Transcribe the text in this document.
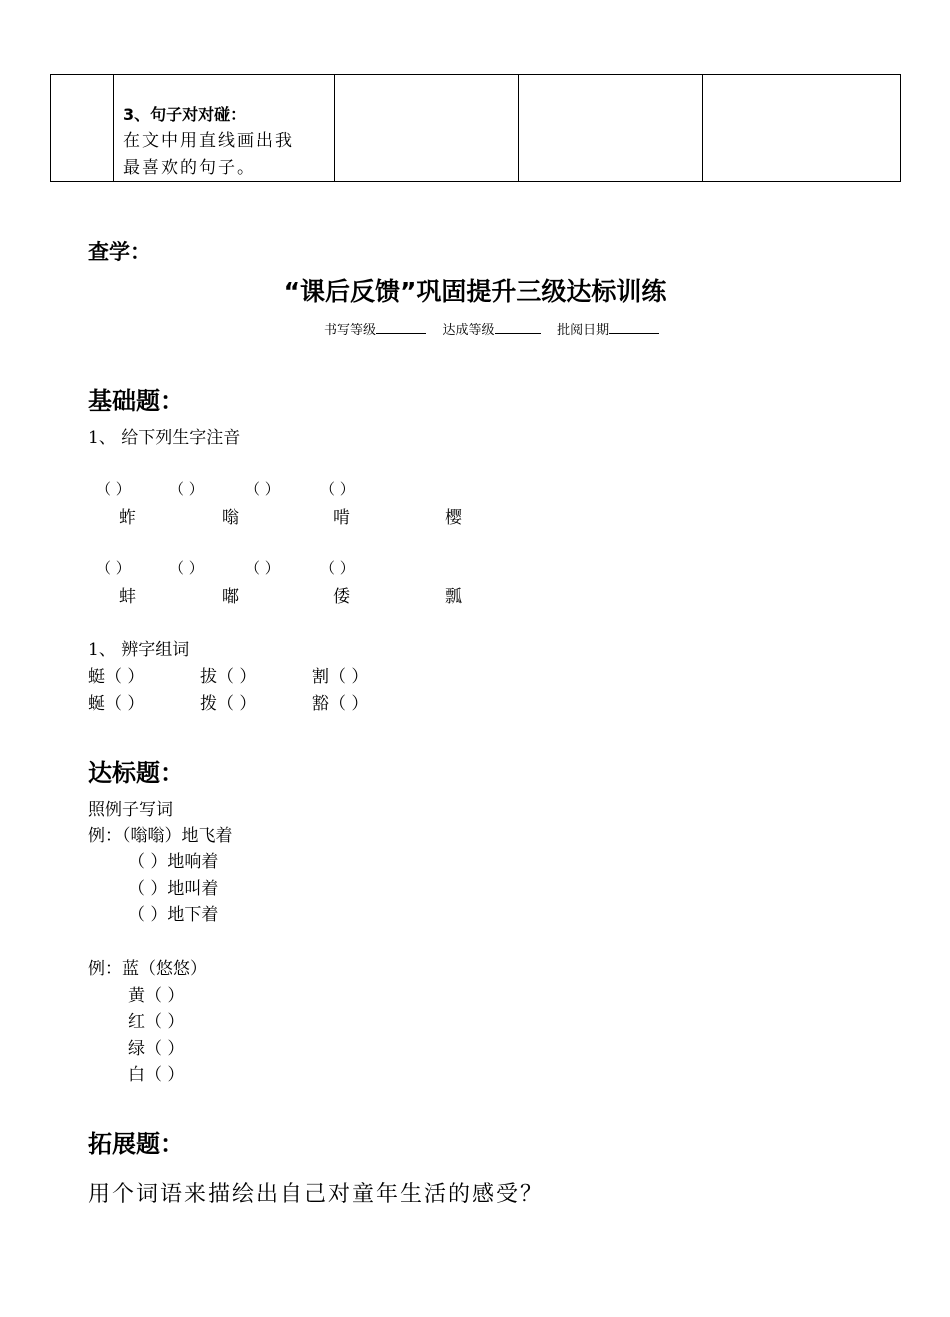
3、句子对对碰：
在文中用直线画出我
最喜欢的句子。
查学：
“课后反馈”巩固提升三级达标训练
书写等级	达成等级	批阅日期
基础题：
1、 给下列生字注音
（ ）	（ ）	（ ）	（ ）
蚱	嗡	啃	樱
（ ）	（ ）	（ ）	（ ）
蚌	嘟	倭	瓢
1、 辨字组词
蜓（ ）	拔（ ）	割（ ）
蜒（ ）	拨（ ）	豁（ ）
达标题：
照例子写词
例：（嗡嗡）地飞着
（ ）地响着
（ ）地叫着
（ ）地下着
例：蓝（悠悠）
黄（ ）
红（ ）
绿（ ）
白（ ）
拓展题：
用个词语来描绘出自己对童年生活的感受？
